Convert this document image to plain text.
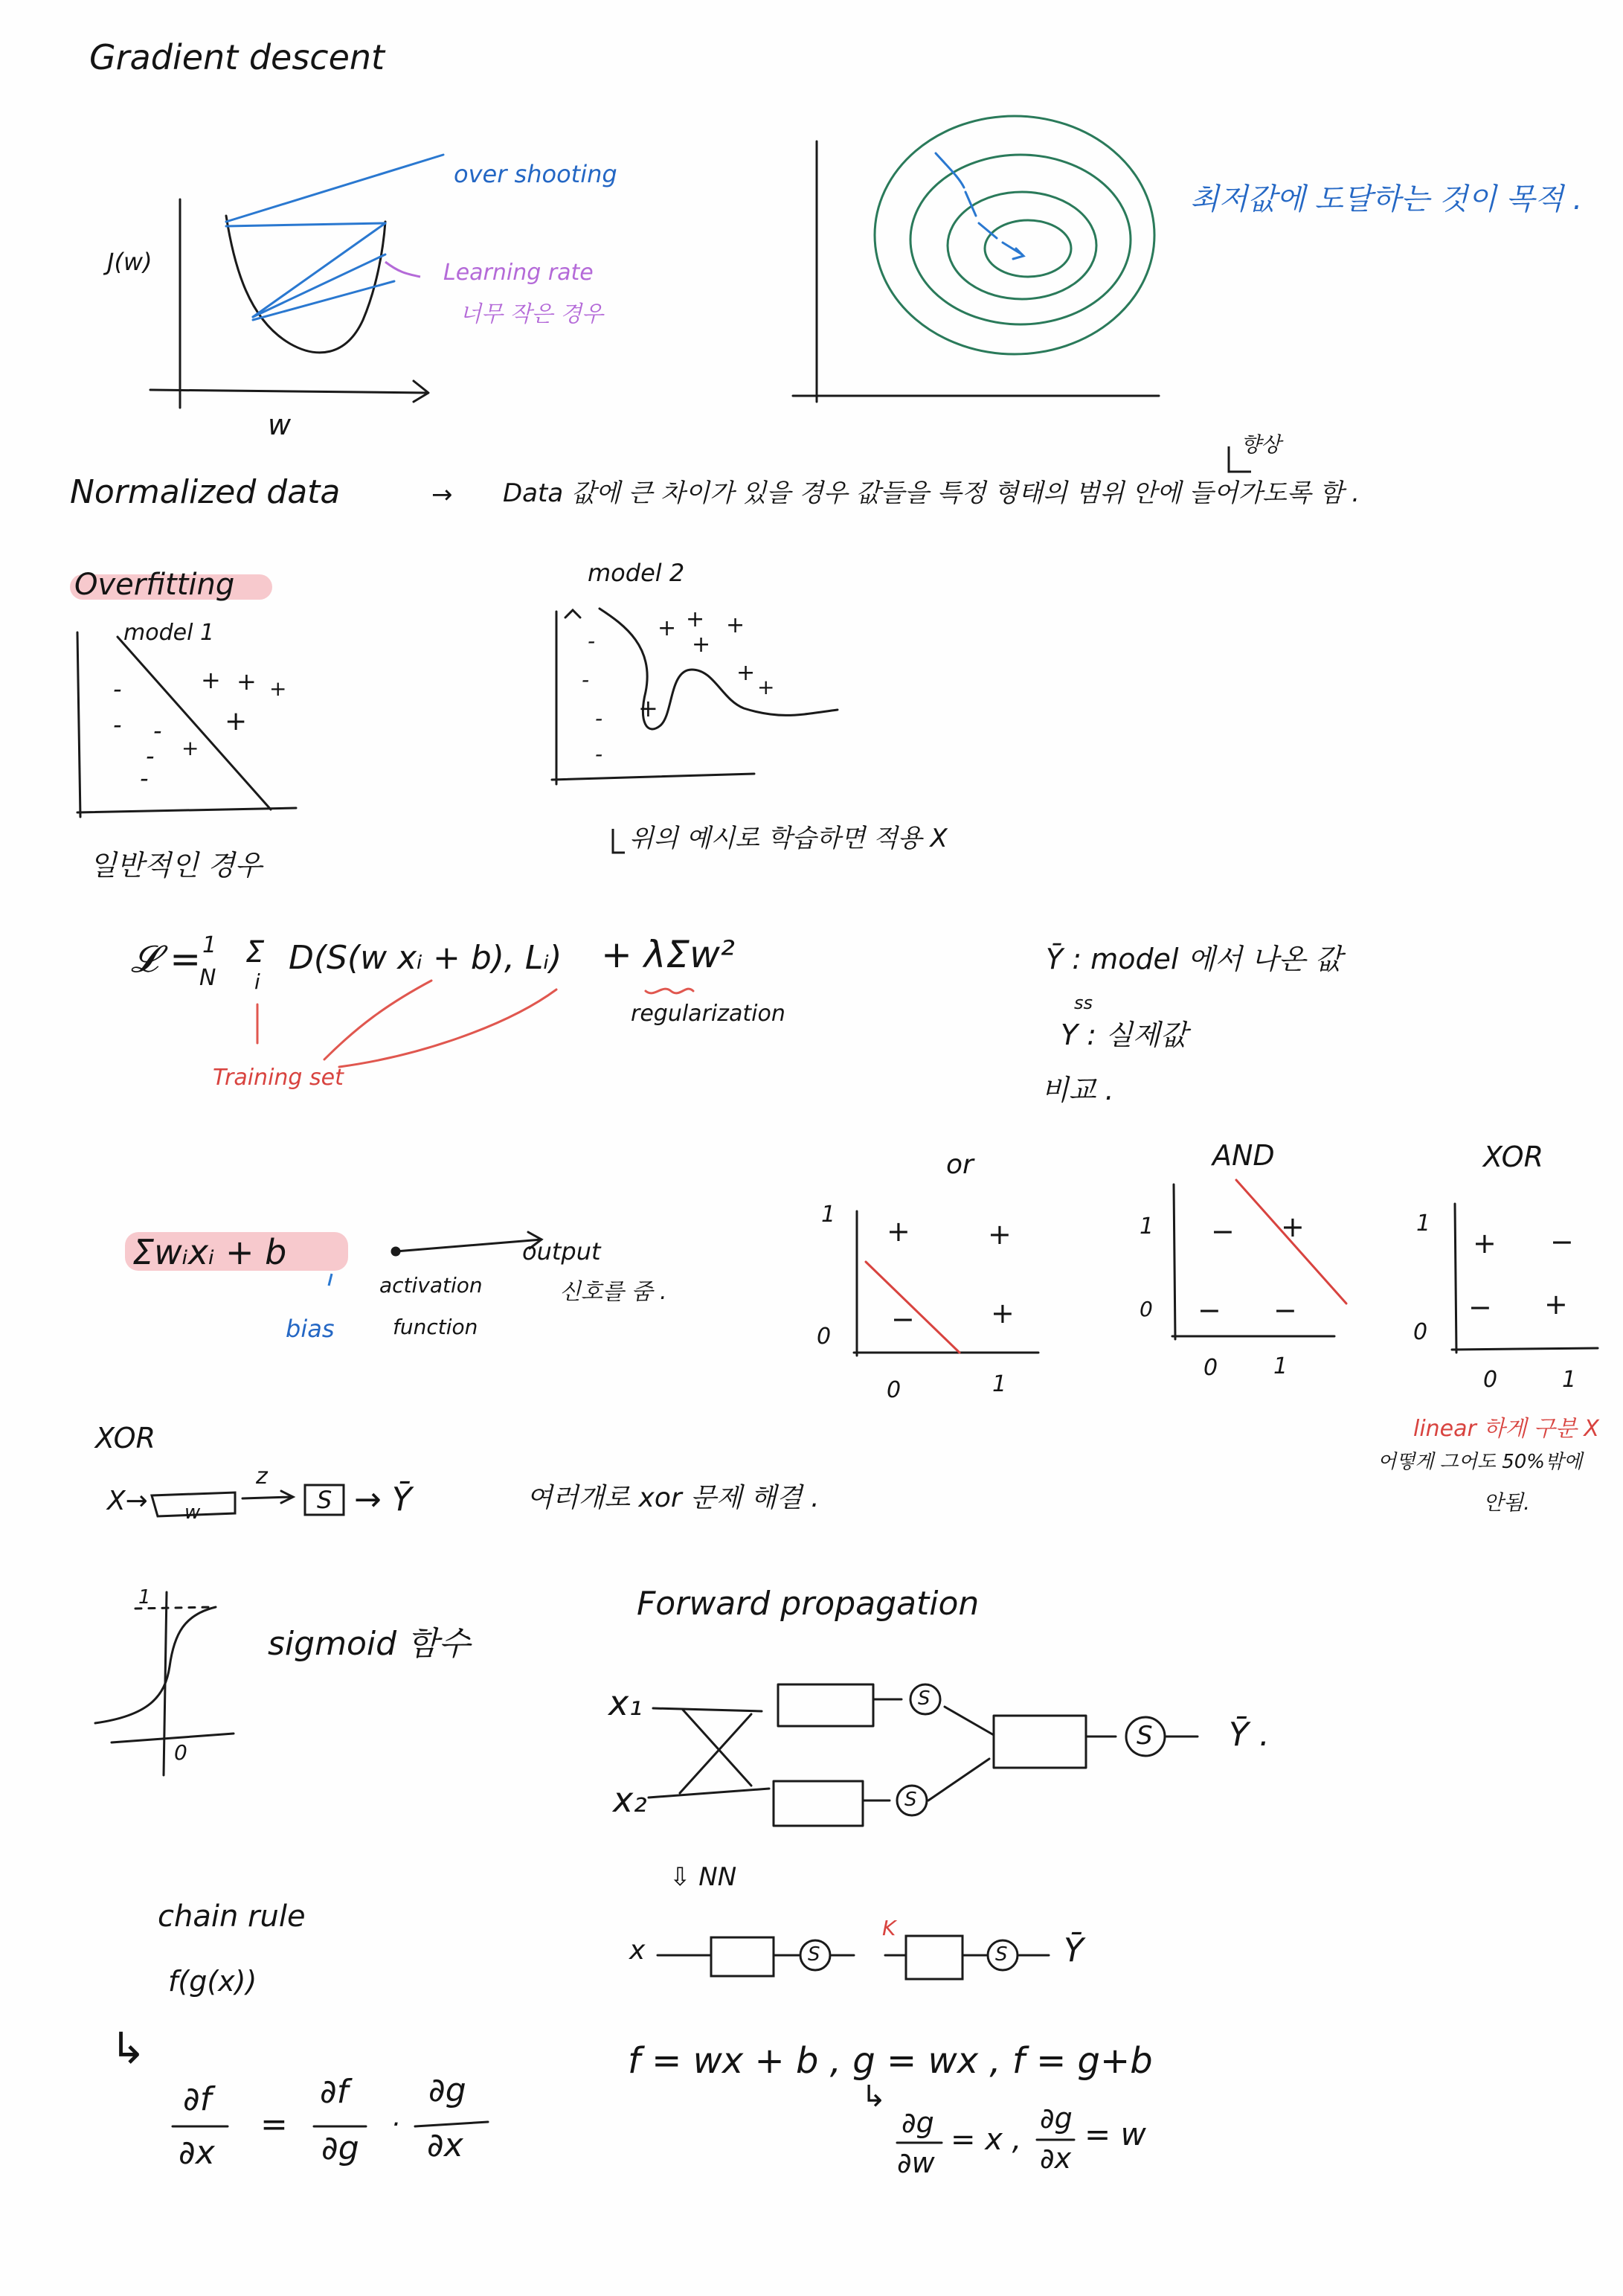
Gradient descent
J(w)
w
over shooting
Learning rate
너무 작은 경우
최저값에 도달하는 것이 목적 .
Normalized data	→ Data 값에 큰 차이가 있을 경우 값들을 특정 형태의 범위 안에 들어가도록 함 .
향상
Overfitting
model 1
일반적인 경우
model 2
위의 예시로 학습하면 적용 X
+ + +
+
+
-
- -
-
-
+ + +
+
+
+
+
-
-
-
-
𝓛 = 1
N
Σ
i
D(S(w xᵢ + b), Lᵢ) + λΣw²
regularization
Training set
Ȳ : model 에서 나온 값
ss
Y : 실제값
비교 .
Σwᵢxᵢ + b
bias
activation
function
output
신호를 줌 .
or
1
0
0	1
+	+
−	+
AND
1
0
0 1
− +
− −
XOR
1
0
0	1
+ −
− +
linear 하게 구분 X
어떻게 그어도 50%밖에
안됨.
XOR
X→ w
z
S → Ȳ	여러개로 xor 문제 해결 .
1
0
sigmoid 함수
Forward propagation
x₁
x₂
S
S
S Ȳ .
⇩ NN
x	S
K
S Ȳ
chain rule
f(g(x))
↳
∂f
∂x
=
∂f
∂g
·
∂g
∂x
f = wx + b , g = wx , f = g+b
↳
∂g
∂w
= x ,
∂g
∂x
= w
